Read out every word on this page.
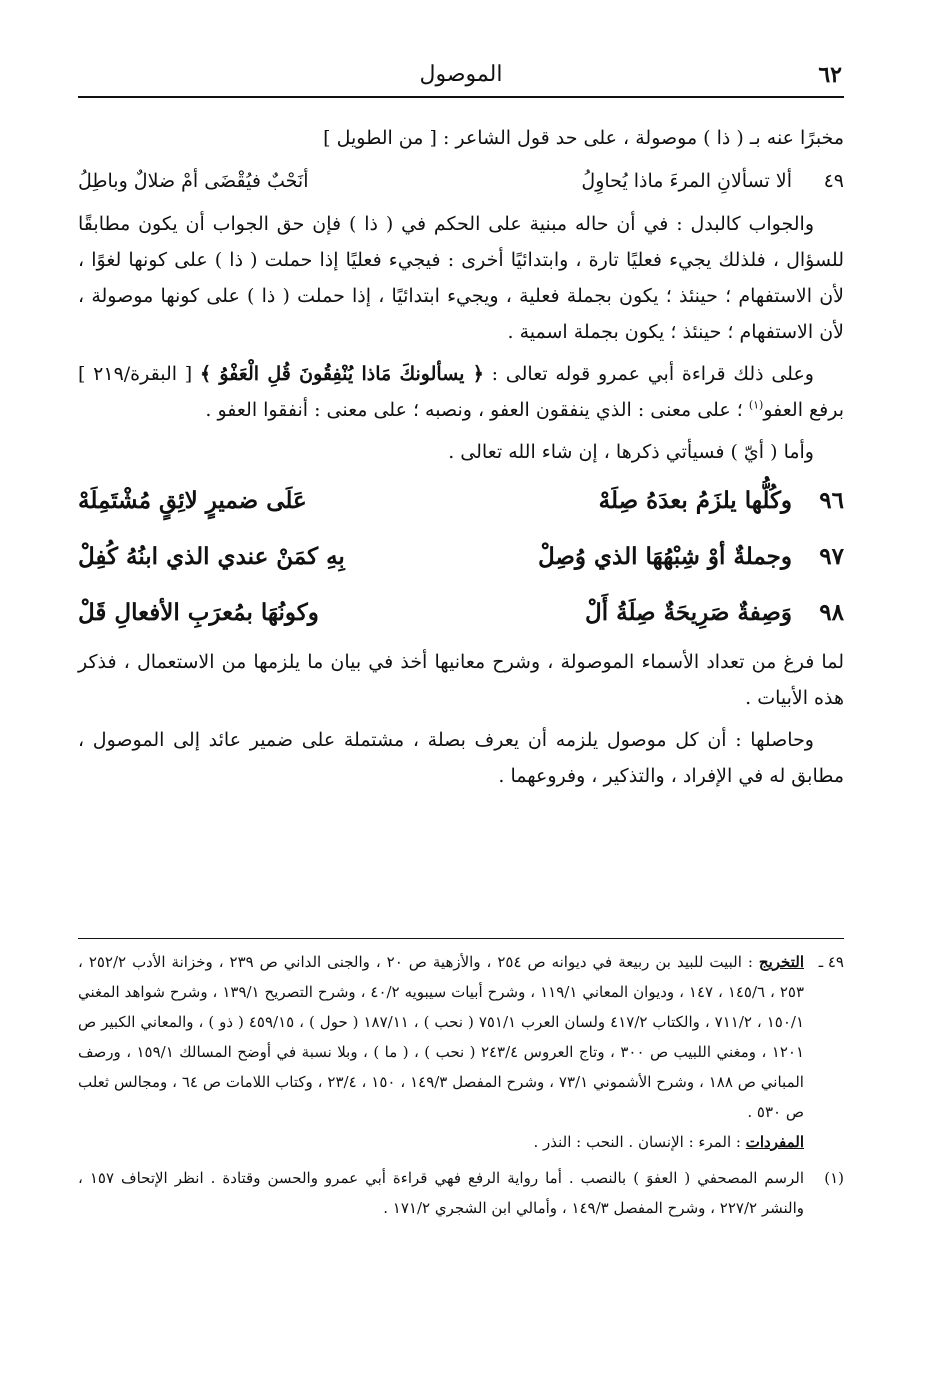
٦٢
الموصول

مخبرًا عنه بـ ( ذا ) موصولة ، على حد قول الشاعر : [ من الطويل ]

٤٩
ألا تسألانِ المرءَ ماذا يُحاوِلُ
أنَحْبٌ فيُقْضَى أمْ ضلالٌ وباطِلُ

والجواب كالبدل : في أن حاله مبنية على الحكم في ( ذا ) فإن حق الجواب أن يكون مطابقًا للسؤال ، فلذلك يجيء فعليًا تارة ، وابتدائيًا أخرى : فيجيء فعليًا إذا حملت ( ذا ) على كونها لغوًا ، لأن الاستفهام ؛ حينئذ ؛ يكون بجملة فعلية ، ويجيء ابتدائيًا ، إذا حملت ( ذا ) على كونها موصولة ، لأن الاستفهام ؛ حينئذ ؛ يكون بجملة اسمية .

وعلى ذلك قراءة أبي عمرو قوله تعالى : ﴿ يسألونكَ مَاذا يُنْفِقُونَ قُلِ الْعَفْوُ ﴾ [ البقرة/٢١٩ ] برفع العفو$^{(١)}$ ؛ على معنى : الذي ينفقون العفو ، ونصبه ؛ على معنى : أنفقوا العفو .

وأما ( أيّ ) فسيأتي ذكرها ، إن شاء الله تعالى .

٩٦
وكُلُّها يلزَمُ بعدَهُ صِلَهْ
عَلَى ضميرٍ لائِقٍ مُشْتَمِلَهْ
٩٧
وجملةٌ أوْ شِبْهُهَا الذي وُصِلْ
بِهِ كمَنْ عندي الذي ابنُهُ كُفِلْ
٩٨
وَصِفةٌ صَرِيحَةٌ صِلَةُ أَلْ
وكونُهَا بمُعرَبِ الأفعالِ قَلْ

لما فرغ من تعداد الأسماء الموصولة ، وشرح معانيها أخذ في بيان ما يلزمها من الاستعمال ، فذكر هذه الأبيات .

وحاصلها : أن كل موصول يلزمه أن يعرف بصلة ، مشتملة على ضمير عائد إلى الموصول ، مطابق له في الإفراد ، والتذكير ، وفروعهما .

٤٩ ـ
التخريج : البيت للبيد بن ربيعة في ديوانه ص ٢٥٤ ، والأزهية ص ٢٠ ، والجنى الداني ص ٢٣٩ ، وخزانة الأدب ٢٥٢/٢ ، ٢٥٣ ، ١٤٥/٦ ، ١٤٧ ، وديوان المعاني ١١٩/١ ، وشرح أبيات سيبويه ٤٠/٢ ، وشرح التصريح ١٣٩/١ ، وشرح شواهد المغني ١٥٠/١ ، ٧١١/٢ ، والكتاب ٤١٧/٢ ولسان العرب ٧٥١/١ ( نحب ) ، ١٨٧/١١ ( حول ) ، ٤٥٩/١٥ ( ذو ) ، والمعاني الكبير ص ١٢٠١ ، ومغني اللبيب ص ٣٠٠ ، وتاج العروس ٢٤٣/٤ ( نحب ) ، ( ما ) ، وبلا نسبة في أوضح المسالك ١٥٩/١ ، ورصف المباني ص ١٨٨ ، وشرح الأشموني ٧٣/١ ، وشرح المفصل ١٤٩/٣ ، ١٥٠ ، ٢٣/٤ ، وكتاب اللامات ص ٦٤ ، ومجالس ثعلب ص ٥٣٠ .
المفردات : المرء : الإنسان . النحب : النذر .
(١)
الرسم المصحفي ( العفوَ ) بالنصب . أما رواية الرفع فهي قراءة أبي عمرو والحسن وقتادة . انظر الإتحاف ١٥٧ ، والنشر ٢٢٧/٢ ، وشرح المفصل ١٤٩/٣ ، وأمالي ابن الشجري ١٧١/٢ .
